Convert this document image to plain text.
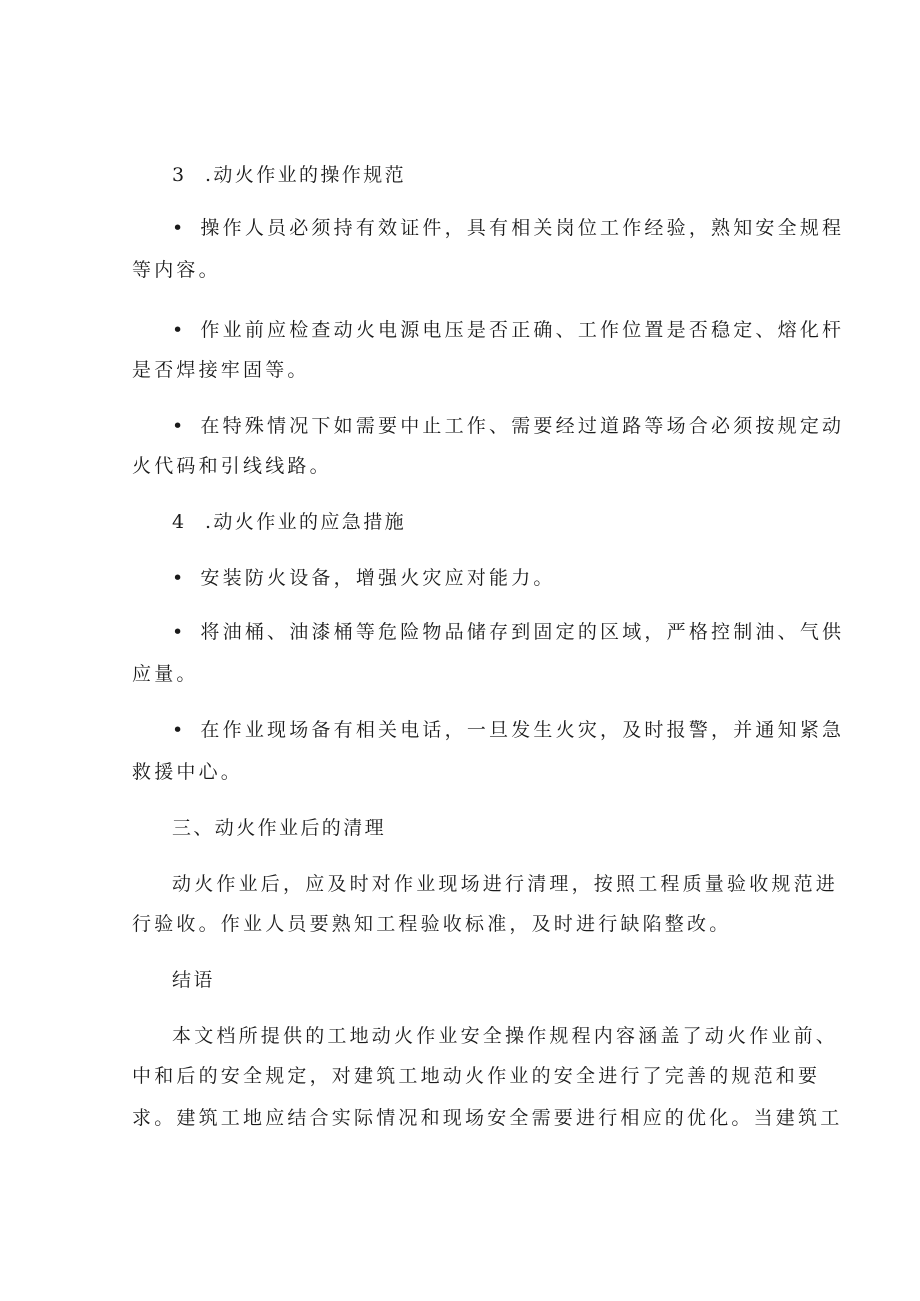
3 .动火作业的操作规范
• 操作人员必须持有效证件，具有相关岗位工作经验，熟知安全规程
等内容。
• 作业前应检查动火电源电压是否正确、工作位置是否稳定、熔化杆
是否焊接牢固等。
• 在特殊情况下如需要中止工作、需要经过道路等场合必须按规定动
火代码和引线线路。
4 .动火作业的应急措施
• 安装防火设备，增强火灾应对能力。
• 将油桶、油漆桶等危险物品储存到固定的区域，严格控制油、气供
应量。
• 在作业现场备有相关电话，一旦发生火灾，及时报警，并通知紧急
救援中心。
三、动火作业后的清理
动火作业后，应及时对作业现场进行清理，按照工程质量验收规范进
行验收。作业人员要熟知工程验收标准，及时进行缺陷整改。
结语
本文档所提供的工地动火作业安全操作规程内容涵盖了动火作业前、
中和后的安全规定，对建筑工地动火作业的安全进行了完善的规范和要
求。建筑工地应结合实际情况和现场安全需要进行相应的优化。当建筑工
